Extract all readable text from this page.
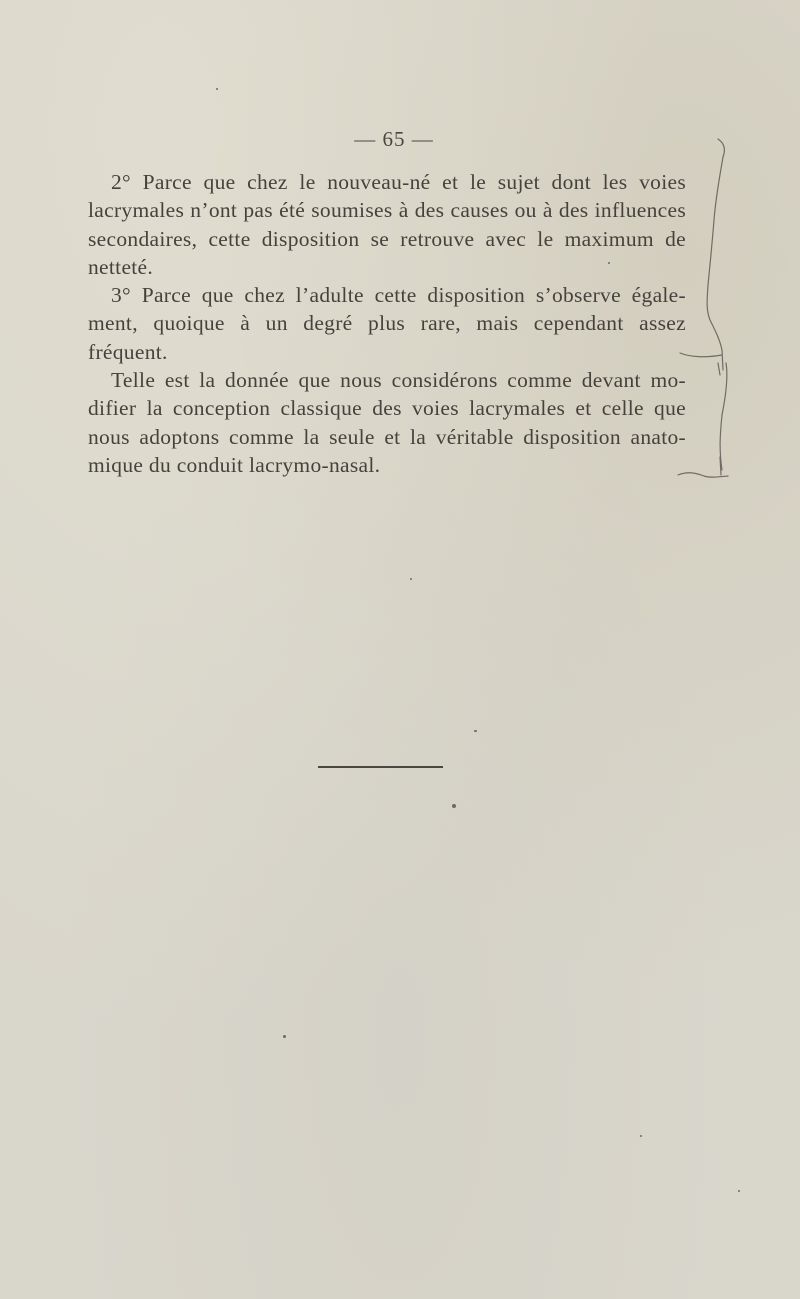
— 65 —
2° Parce que chez le nouveau-né et le sujet dont les voies
lacrymales n’ont pas été soumises à des causes ou à des influences
secondaires, cette disposition se retrouve avec le maximum de
netteté.
3° Parce que chez l’adulte cette disposition s’observe égale-
ment, quoique à un degré plus rare, mais cependant assez
fréquent.
Telle est la donnée que nous considérons comme devant mo-
difier la conception classique des voies lacrymales et celle que
nous adoptons comme la seule et la véritable disposition anato-
mique du conduit lacrymo-nasal.
